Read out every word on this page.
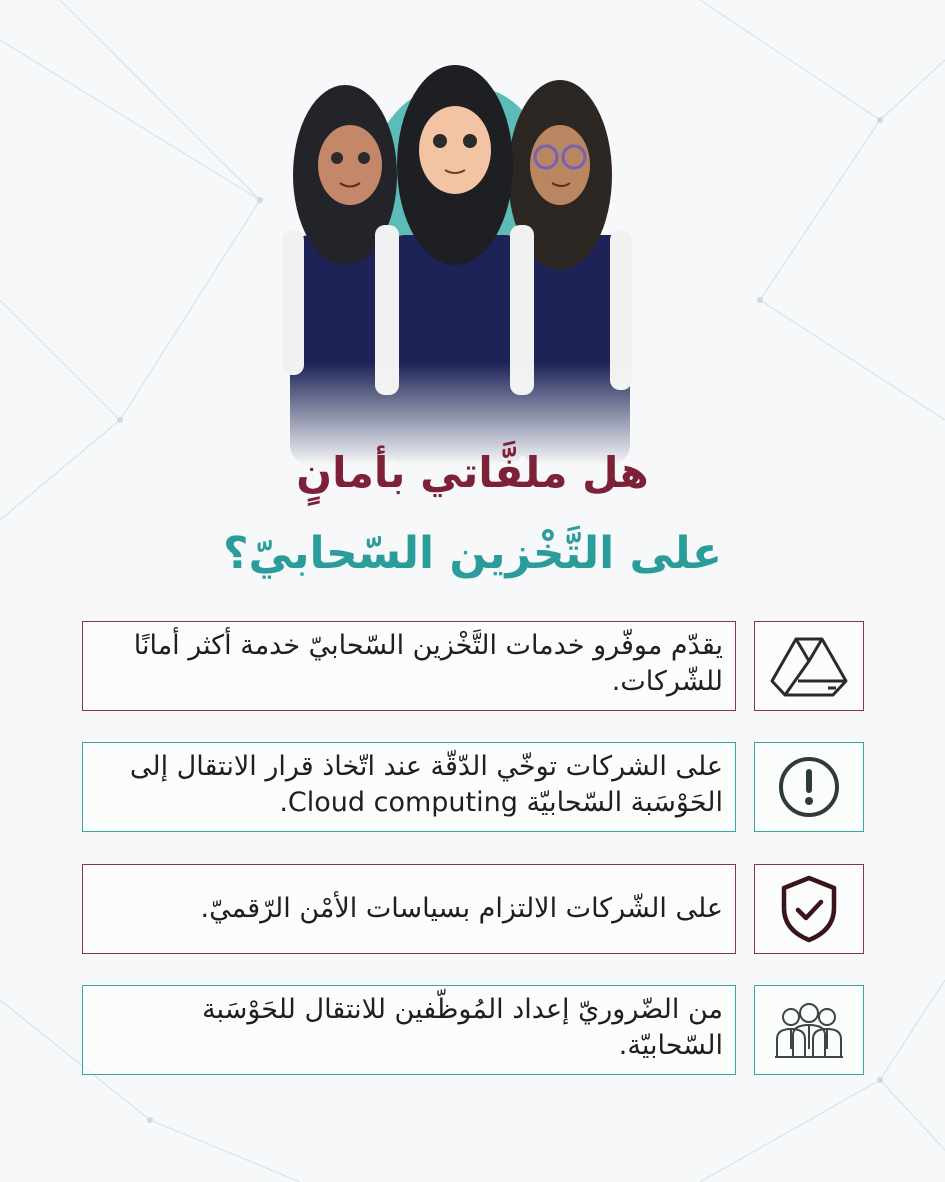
هل ملفَّاتي بأمانٍ
على التَّخْزين السّحابيّ؟
يقدّم موفّرو خدمات التَّخْزين السّحابيّ خدمة أكثر أمانًا للشّركات.
على الشركات توخّي الدّقّة عند اتّخاذ قرار الانتقال إلى الحَوْسَبة السّحابيّة Cloud computing.
على الشّركات الالتزام بسياسات الأمْن الرّقميّ.
من الضّروريّ إعداد المُوظّفين للانتقال للحَوْسَبة السّحابيّة.
